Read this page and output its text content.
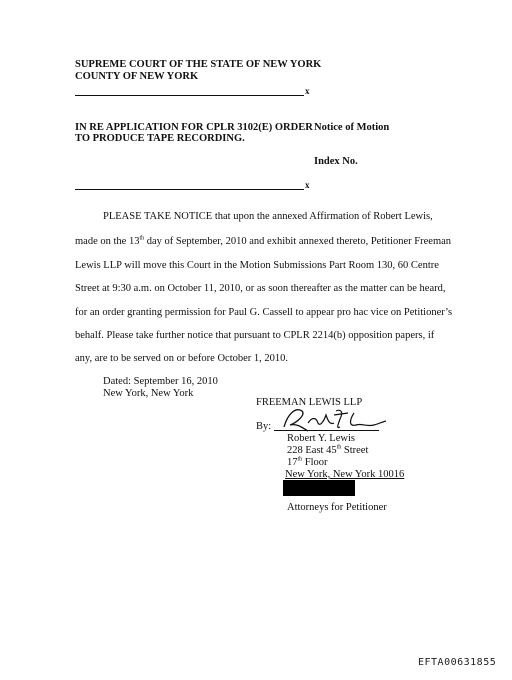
SUPREME COURT OF THE STATE OF NEW YORK
COUNTY OF NEW YORK
x
IN RE APPLICATION FOR CPLR 3102(E) ORDER
TO PRODUCE TAPE RECORDING.
Notice of Motion
Index No.
x
PLEASE TAKE NOTICE that upon the annexed Affirmation of Robert Lewis,
made on the 13th day of September, 2010 and exhibit annexed thereto, Petitioner Freeman
Lewis LLP will move this Court in the Motion Submissions Part Room 130, 60 Centre
Street at 9:30 a.m. on October 11, 2010, or as soon thereafter as the matter can be heard,
for an order granting permission for Paul G. Cassell to appear pro hac vice on Petitioner’s
behalf. Please take further notice that pursuant to CPLR 2214(b) opposition papers, if
any, are to be served on or before October 1, 2010.
Dated: September 16, 2010
New York, New York
FREEMAN LEWIS LLP
By:
Robert Y. Lewis
228 East 45th Street
17th Floor
New York, New York 10016
Attorneys for Petitioner
EFTA00631855
